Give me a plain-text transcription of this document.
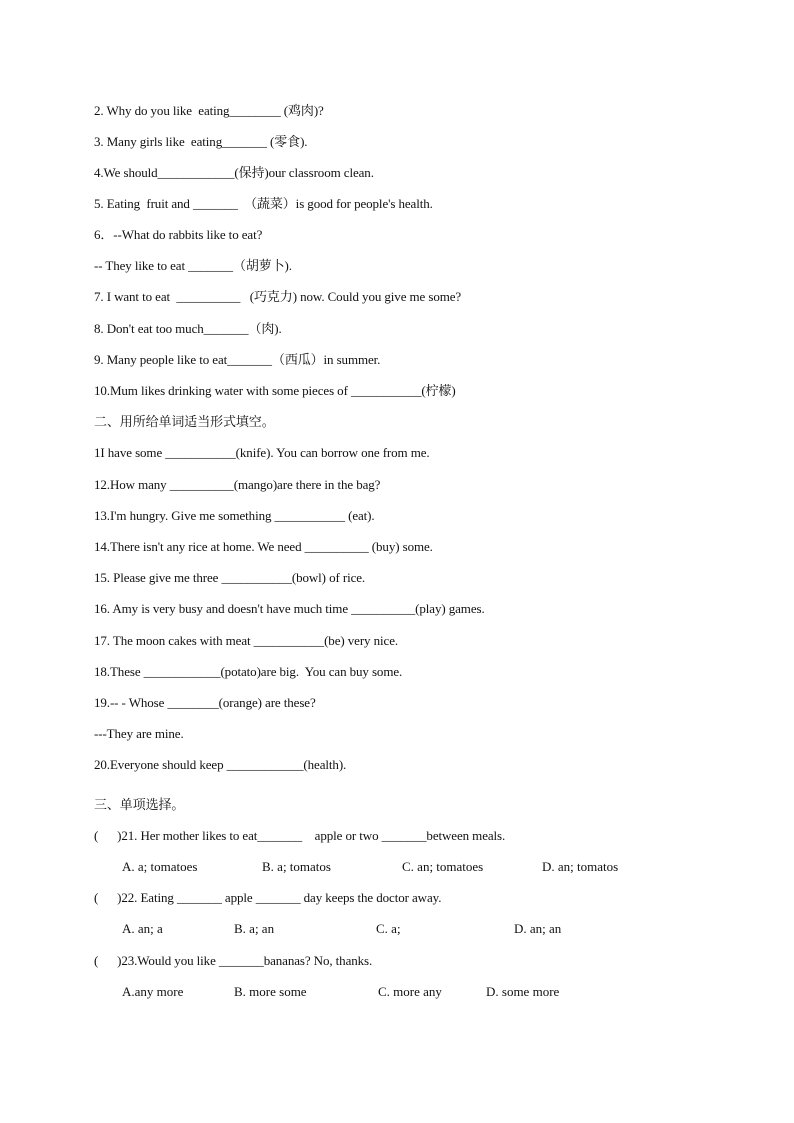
2. Why do you like  eating________ (鸡肉)?
3. Many girls like  eating_______ (零食).
4.We should____________(保持)our classroom clean.
5. Eating  fruit and _______  （蔬菜）is good for people's health.
6．--What do rabbits like to eat?
-- They like to eat _______（胡萝卜).
7. I want to eat  __________   (巧克力) now. Could you give me some?
8. Don't eat too much_______（肉).
9. Many people like to eat_______（西瓜）in summer.
10.Mum likes drinking water with some pieces of ___________(柠檬)
二、用所给单词适当形式填空。
1I have some ___________(knife). You can borrow one from me.
12.How many __________(mango)are there in the bag?
13.I'm hungry. Give me something ___________ (eat).
14.There isn't any rice at home. We need __________ (buy) some.
15. Please give me three ___________(bowl) of rice.
16. Amy is very busy and doesn't have much time __________(play) games.
17. The moon cakes with meat ___________(be) very nice.
18.These ____________(potato)are big.  You can buy some.
19.-- - Whose ________(orange) are these?
---They are mine.
20.Everyone should keep ____________(health).
三、单项选择。
(      )21. Her mother likes to eat_______    apple or two _______between meals.
A. a; tomatoes	B. a; tomatos	C. an; tomatoes	D. an; tomatos
(      )22. Eating _______ apple _______ day keeps the doctor away.
A. an; a	B. a; an	C. a;	D. an; an
(      )23.Would you like _______bananas? No, thanks.
A.any more	B. more some	C. more any	D. some more
